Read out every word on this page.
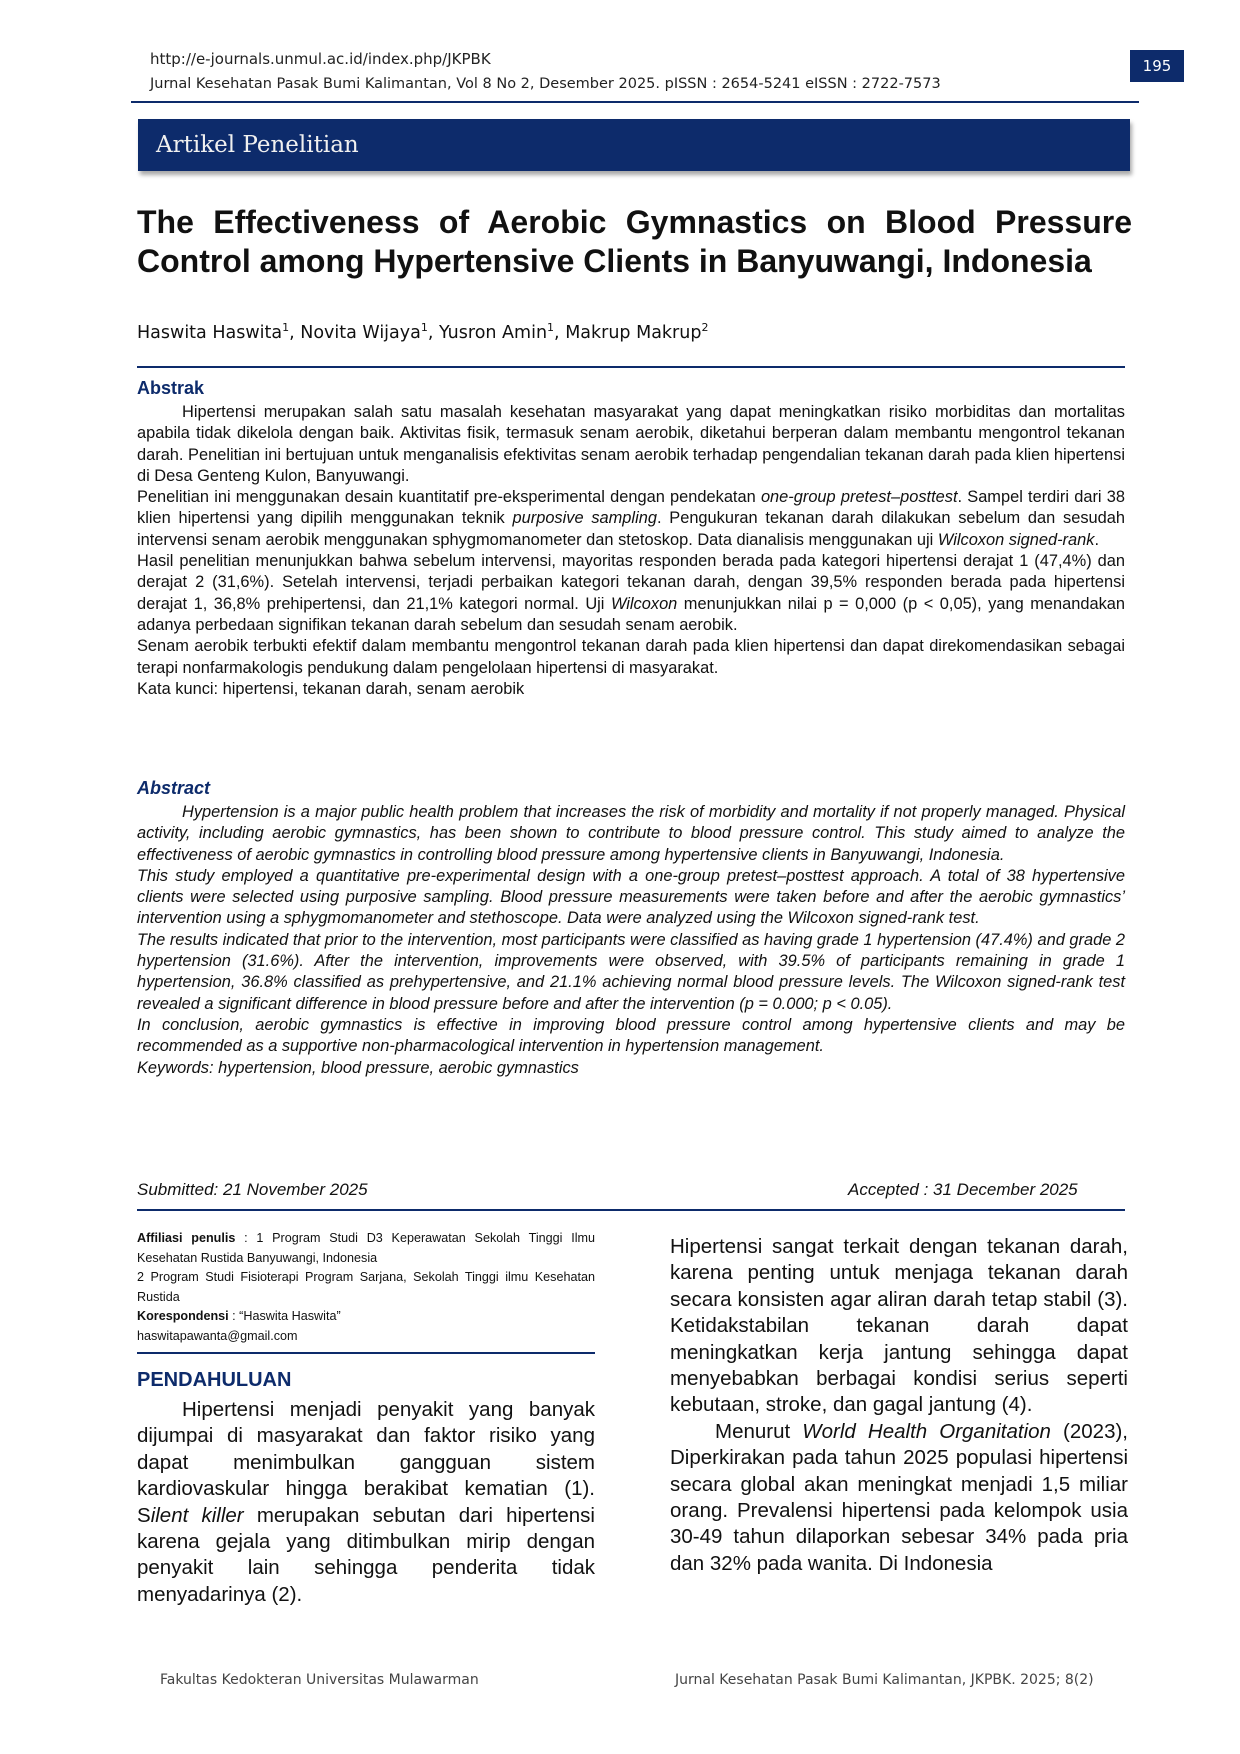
http://e-journals.unmul.ac.id/index.php/JKPBK
Jurnal Kesehatan Pasak Bumi Kalimantan, Vol 8 No 2, Desember 2025. pISSN : 2654-5241 eISSN : 2722-7573
195
Artikel Penelitian
The Effectiveness of Aerobic Gymnastics on Blood Pressure Control among Hypertensive Clients in Banyuwangi, Indonesia
Haswita Haswita$^1$, Novita Wijaya$^1$, Yusron Amin$^1$, Makrup Makrup$^2$
Abstrak

Hipertensi merupakan salah satu masalah kesehatan masyarakat yang dapat meningkatkan risiko morbiditas dan mortalitas apabila tidak dikelola dengan baik. Aktivitas fisik, termasuk senam aerobik, diketahui berperan dalam membantu mengontrol tekanan darah. Penelitian ini bertujuan untuk menganalisis efektivitas senam aerobik terhadap pengendalian tekanan darah pada klien hipertensi di Desa Genteng Kulon, Banyuwangi.

Penelitian ini menggunakan desain kuantitatif pre-eksperimental dengan pendekatan one-group pretest–posttest. Sampel terdiri dari 38 klien hipertensi yang dipilih menggunakan teknik purposive sampling. Pengukuran tekanan darah dilakukan sebelum dan sesudah intervensi senam aerobik menggunakan sphygmomanometer dan stetoskop. Data dianalisis menggunakan uji Wilcoxon signed-rank.

Hasil penelitian menunjukkan bahwa sebelum intervensi, mayoritas responden berada pada kategori hipertensi derajat 1 (47,4%) dan derajat 2 (31,6%). Setelah intervensi, terjadi perbaikan kategori tekanan darah, dengan 39,5% responden berada pada hipertensi derajat 1, 36,8% prehipertensi, dan 21,1% kategori normal. Uji Wilcoxon menunjukkan nilai p = 0,000 (p < 0,05), yang menandakan adanya perbedaan signifikan tekanan darah sebelum dan sesudah senam aerobik.

Senam aerobik terbukti efektif dalam membantu mengontrol tekanan darah pada klien hipertensi dan dapat direkomendasikan sebagai terapi nonfarmakologis pendukung dalam pengelolaan hipertensi di masyarakat.

Kata kunci: hipertensi, tekanan darah, senam aerobik

Abstract

Hypertension is a major public health problem that increases the risk of morbidity and mortality if not properly managed. Physical activity, including aerobic gymnastics, has been shown to contribute to blood pressure control. This study aimed to analyze the effectiveness of aerobic gymnastics in controlling blood pressure among hypertensive clients in Banyuwangi, Indonesia.

This study employed a quantitative pre-experimental design with a one-group pretest–posttest approach. A total of 38 hypertensive clients were selected using purposive sampling. Blood pressure measurements were taken before and after the aerobic gymnastics’ intervention using a sphygmomanometer and stethoscope. Data were analyzed using the Wilcoxon signed-rank test.

The results indicated that prior to the intervention, most participants were classified as having grade 1 hypertension (47.4%) and grade 2 hypertension (31.6%). After the intervention, improvements were observed, with 39.5% of participants remaining in grade 1 hypertension, 36.8% classified as prehypertensive, and 21.1% achieving normal blood pressure levels. The Wilcoxon signed-rank test revealed a significant difference in blood pressure before and after the intervention (p = 0.000; p < 0.05).

In conclusion, aerobic gymnastics is effective in improving blood pressure control among hypertensive clients and may be recommended as a supportive non-pharmacological intervention in hypertension management.

Keywords: hypertension, blood pressure, aerobic gymnastics

Submitted: 21 November 2025	Accepted : 31 December 2025

Affiliasi penulis : 1 Program Studi D3 Keperawatan Sekolah Tinggi Ilmu Kesehatan Rustida Banyuwangi, Indonesia

2 Program Studi Fisioterapi Program Sarjana, Sekolah Tinggi ilmu Kesehatan Rustida

Korespondensi : “Haswita Haswita”

haswitapawanta@gmail.com

PENDAHULUAN

Hipertensi menjadi penyakit yang banyak dijumpai di masyarakat dan faktor risiko yang dapat menimbulkan gangguan sistem kardiovaskular hingga berakibat kematian (1). Silent killer merupakan sebutan dari hipertensi karena gejala yang ditimbulkan mirip dengan penyakit lain sehingga penderita tidak menyadarinya (2).

Hipertensi sangat terkait dengan tekanan darah, karena penting untuk menjaga tekanan darah secara konsisten agar aliran darah tetap stabil (3). Ketidakstabilan tekanan darah dapat meningkatkan kerja jantung sehingga dapat menyebabkan berbagai kondisi serius seperti kebutaan, stroke, dan gagal jantung (4).

Menurut World Health Organitation (2023), Diperkirakan pada tahun 2025 populasi hipertensi secara global akan meningkat menjadi 1,5 miliar orang. Prevalensi hipertensi pada kelompok usia 30-49 tahun dilaporkan sebesar 34% pada pria dan 32% pada wanita. Di Indonesia

Fakultas Kedokteran Universitas Mulawarman	Jurnal Kesehatan Pasak Bumi Kalimantan, JKPBK. 2025; 8(2)
